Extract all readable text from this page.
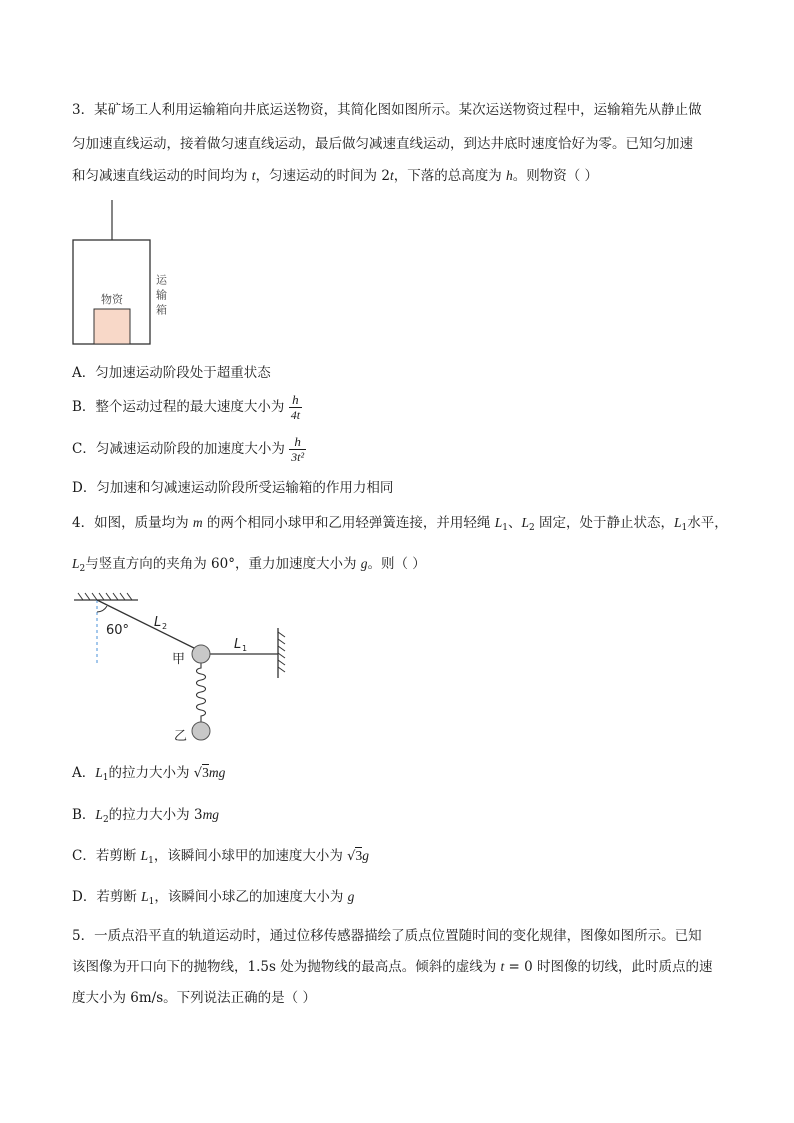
3．某矿场工人利用运输箱向井底运送物资，其简化图如图所示。某次运送物资过程中，运输箱先从静止做
匀加速直线运动，接着做匀速直线运动，最后做匀减速直线运动，到达井底时速度恰好为零。已知匀加速
和匀减速直线运动的时间均为 t，匀速运动的时间为 2t，下落的总高度为 h。则物资（ ）
物资	运输箱
A．匀加速运动阶段处于超重状态
B．整个运动过程的最大速度大小为 $\frac{h}{4t}$
C．匀减速运动阶段的加速度大小为 $\frac{h}{\text{3t²}}$
D．匀加速和匀减速运动阶段所受运输箱的作用力相同
4．如图，质量均为 m 的两个相同小球甲和乙用轻弹簧连接，并用轻绳 $L_1$、$L_2$ 固定，处于静止状态，$L_1$水平，
$L_2$与竖直方向的夹角为 60°，重力加速度大小为 g。则（ ）
60°
L 2
L 1
甲
乙
A．$L_1$的拉力大小为 √3mg
B．$L_2$的拉力大小为 3mg
C．若剪断 $L_1$，该瞬间小球甲的加速度大小为 √3g
D．若剪断 $L_1$，该瞬间小球乙的加速度大小为 g
5．一质点沿平直的轨道运动时，通过位移传感器描绘了质点位置随时间的变化规律，图像如图所示。已知
该图像为开口向下的抛物线，1.5s 处为抛物线的最高点。倾斜的虚线为 t = 0 时图像的切线，此时质点的速
度大小为 6m/s。下列说法正确的是（ ）
